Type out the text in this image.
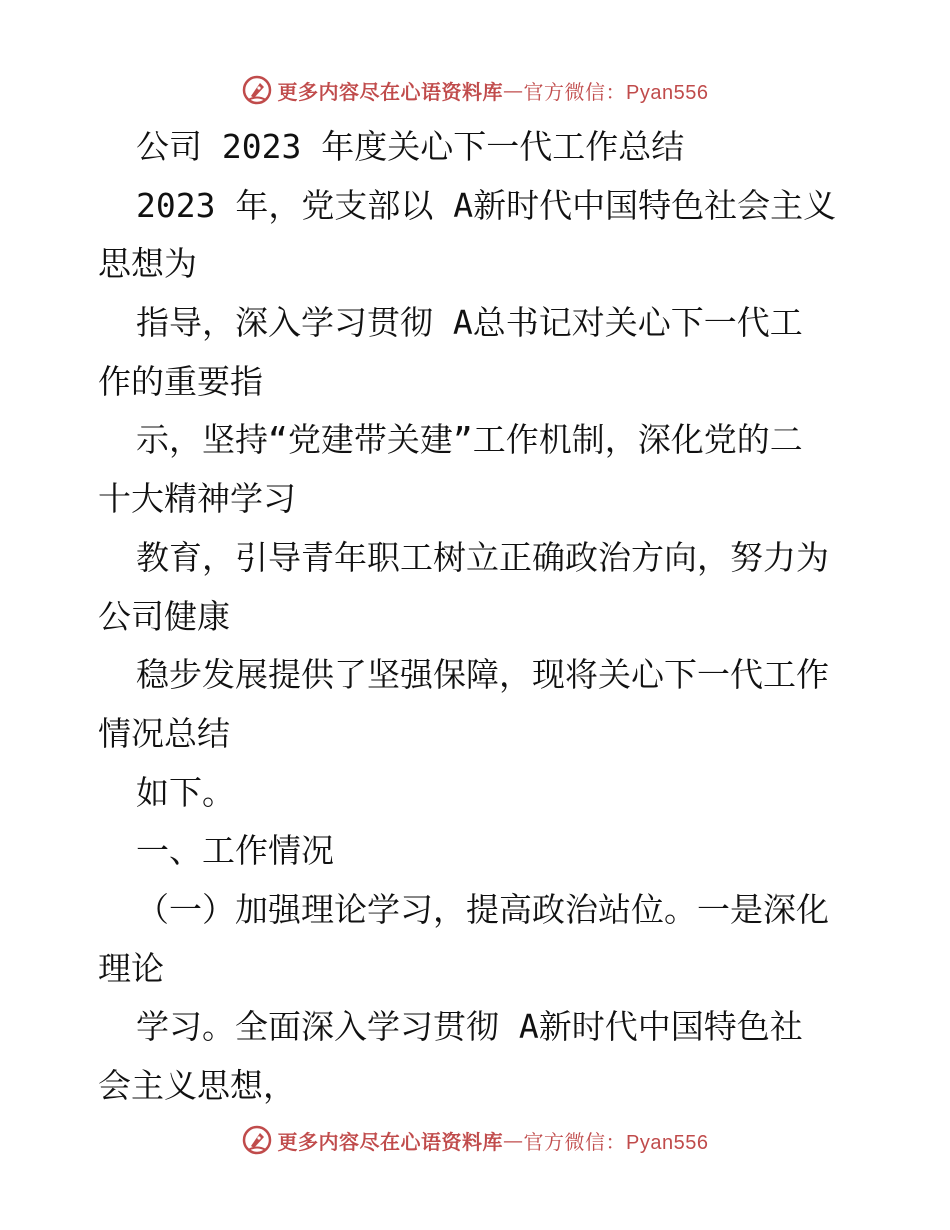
更多内容尽在心语资料库 — 官方微信：Pyan556
公司 2023 年度关心下一代工作总结
2023 年，党支部以 A新时代中国特色社会主义
思想为
指导，深入学习贯彻 A总书记对关心下一代工
作的重要指
示，坚持“党建带关建”工作机制，深化党的二
十大精神学习
教育，引导青年职工树立正确政治方向，努力为
公司健康
稳步发展提供了坚强保障，现将关心下一代工作
情况总结
如下。
一、工作情况
（一）加强理论学习，提高政治站位。一是深化
理论
学习。全面深入学习贯彻 A新时代中国特色社
会主义思想，
更多内容尽在心语资料库 — 官方微信：Pyan556
